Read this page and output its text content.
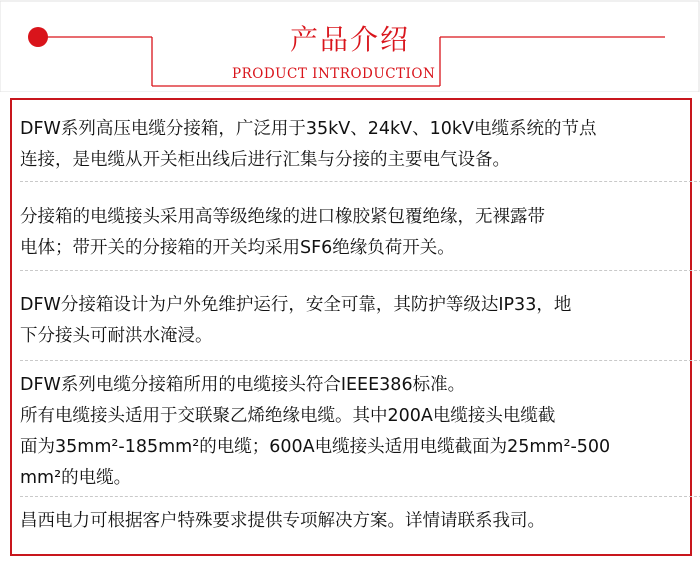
产品介绍
PRODUCT INTRODUCTION
DFW系列高压电缆分接箱，广泛用于35kV、24kV、10kV电缆系统的节点
连接，是电缆从开关柜出线后进行汇集与分接的主要电气设备。
分接箱的电缆接头采用高等级绝缘的进口橡胶紧包覆绝缘，无裸露带
电体；带开关的分接箱的开关均采用SF6绝缘负荷开关。
DFW分接箱设计为户外免维护运行，安全可靠，其防护等级达IP33，地
下分接头可耐洪水淹浸。
DFW系列电缆分接箱所用的电缆接头符合IEEE386标准。
所有电缆接头适用于交联聚乙烯绝缘电缆。其中200A电缆接头电缆截
面为35mm²-185mm²的电缆；600A电缆接头适用电缆截面为25mm²-500
mm²的电缆。
昌西电力可根据客户特殊要求提供专项解决方案。详情请联系我司。
